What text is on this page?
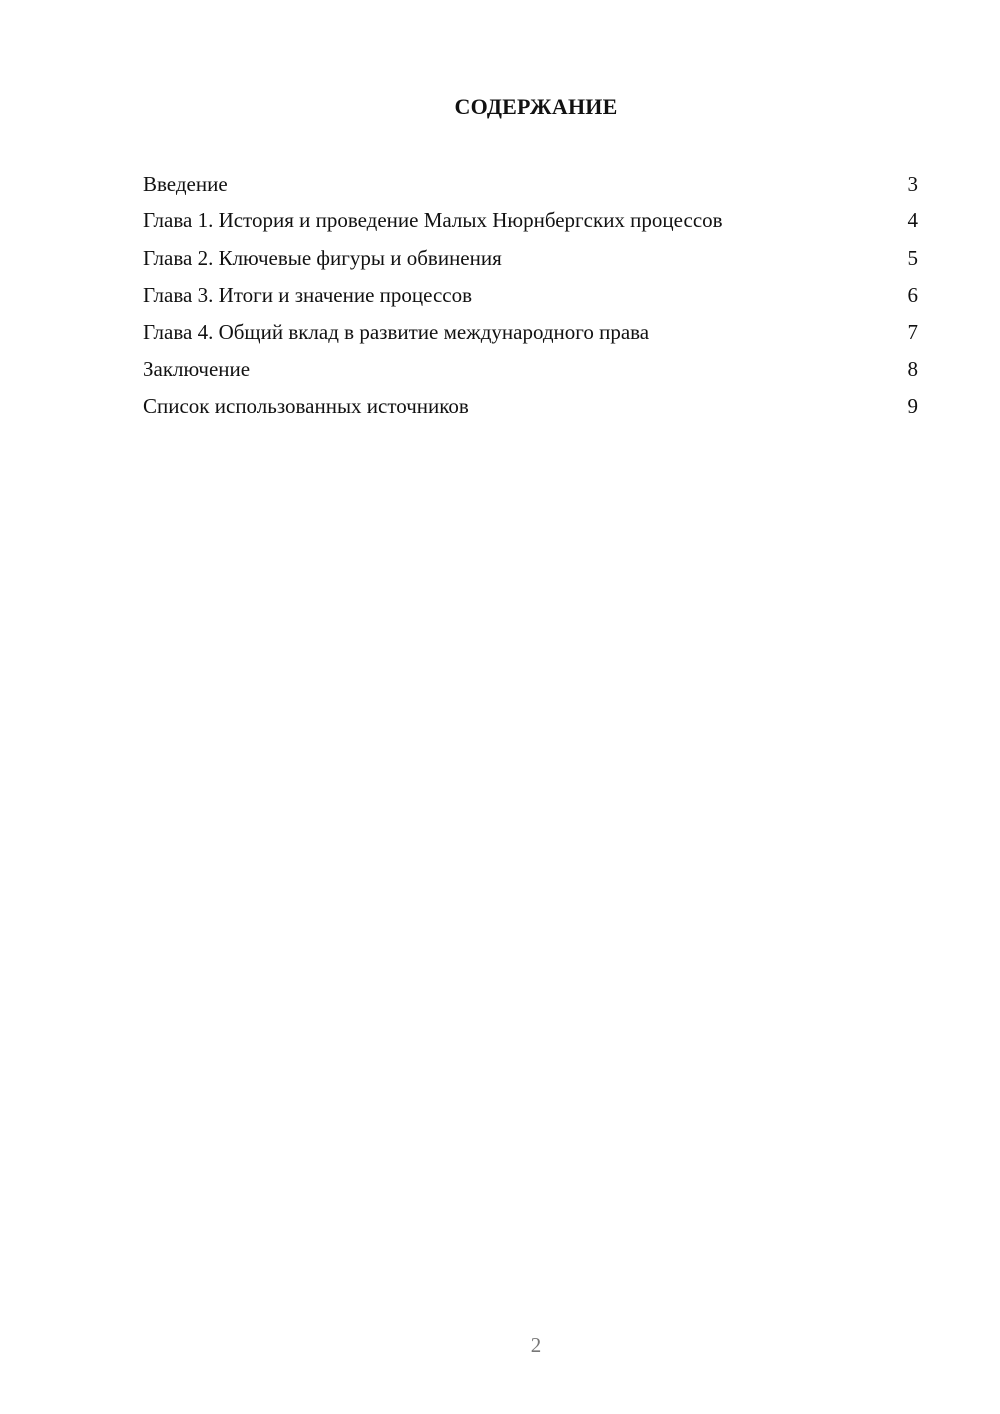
СОДЕРЖАНИЕ
Введение	3
Глава 1. История и проведение Малых Нюрнбергских процессов	4
Глава 2. Ключевые фигуры и обвинения	5
Глава 3. Итоги и значение процессов	6
Глава 4. Общий вклад в развитие международного права	7
Заключение	8
Список использованных источников	9
2
